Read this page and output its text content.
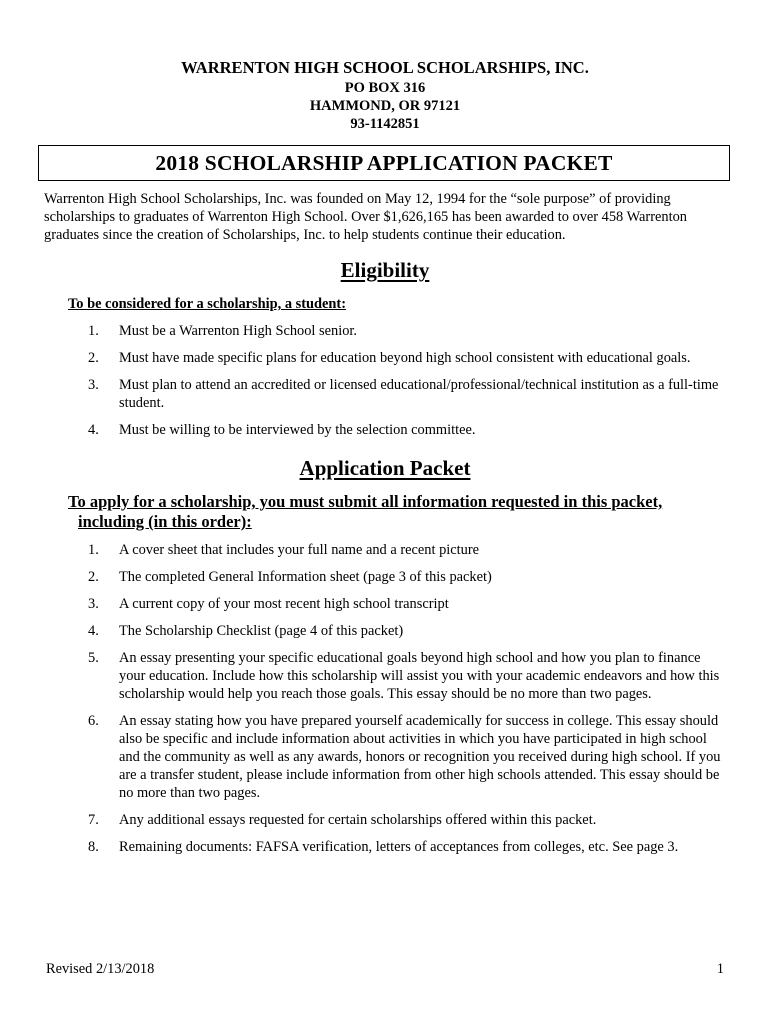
WARRENTON HIGH SCHOOL SCHOLARSHIPS, INC.
PO BOX 316
HAMMOND, OR 97121
93-1142851
2018 SCHOLARSHIP APPLICATION PACKET
Warrenton High School Scholarships, Inc. was founded on May 12, 1994 for the “sole purpose” of providing scholarships to graduates of Warrenton High School. Over $1,626,165 has been awarded to over 458 Warrenton graduates since the creation of Scholarships, Inc. to help students continue their education.
Eligibility
To be considered for a scholarship, a student:
1. Must be a Warrenton High School senior.
2. Must have made specific plans for education beyond high school consistent with educational goals.
3. Must plan to attend an accredited or licensed educational/professional/technical institution as a full-time student.
4. Must be willing to be interviewed by the selection committee.
Application Packet
To apply for a scholarship, you must submit all information requested in this packet,
including (in this order):
1. A cover sheet that includes your full name and a recent picture
2. The completed General Information sheet (page 3 of this packet)
3. A current copy of your most recent high school transcript
4. The Scholarship Checklist (page 4 of this packet)
5. An essay presenting your specific educational goals beyond high school and how you plan to finance your education. Include how this scholarship will assist you with your academic endeavors and how this scholarship would help you reach those goals. This essay should be no more than two pages.
6. An essay stating how you have prepared yourself academically for success in college. This essay should also be specific and include information about activities in which you have participated in high school and the community as well as any awards, honors or recognition you received during high school. If you are a transfer student, please include information from other high schools attended. This essay should be no more than two pages.
7. Any additional essays requested for certain scholarships offered within this packet.
8. Remaining documents: FAFSA verification, letters of acceptances from colleges, etc. See page 3.
Revised 2/13/2018	1
